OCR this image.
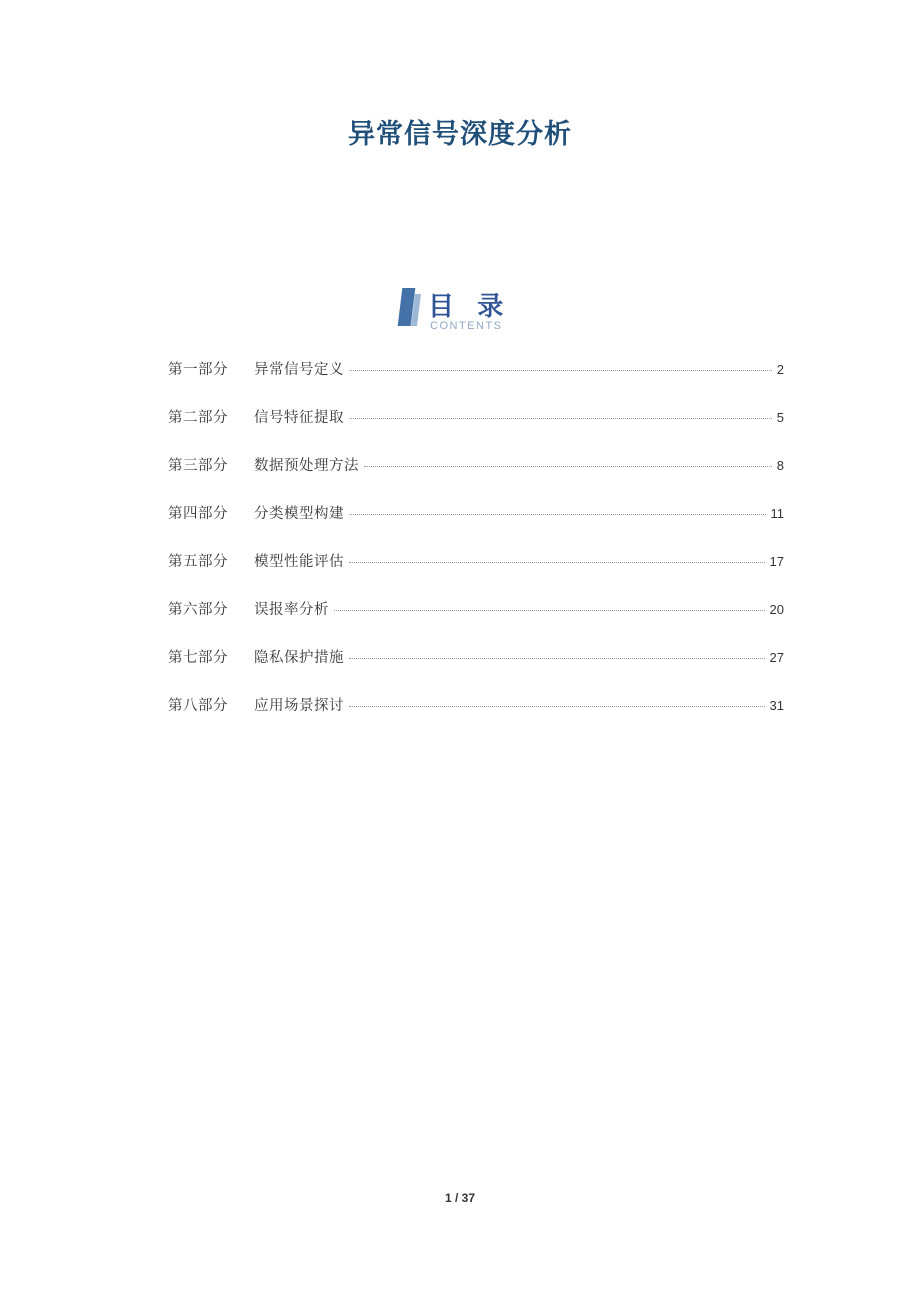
异常信号深度分析
目 录
CONTENTS
第一部分	异常信号定义	2
第二部分	信号特征提取	5
第三部分	数据预处理方法	8
第四部分	分类模型构建	11
第五部分	模型性能评估	17
第六部分	误报率分析	20
第七部分	隐私保护措施	27
第八部分	应用场景探讨	31
1 / 37
